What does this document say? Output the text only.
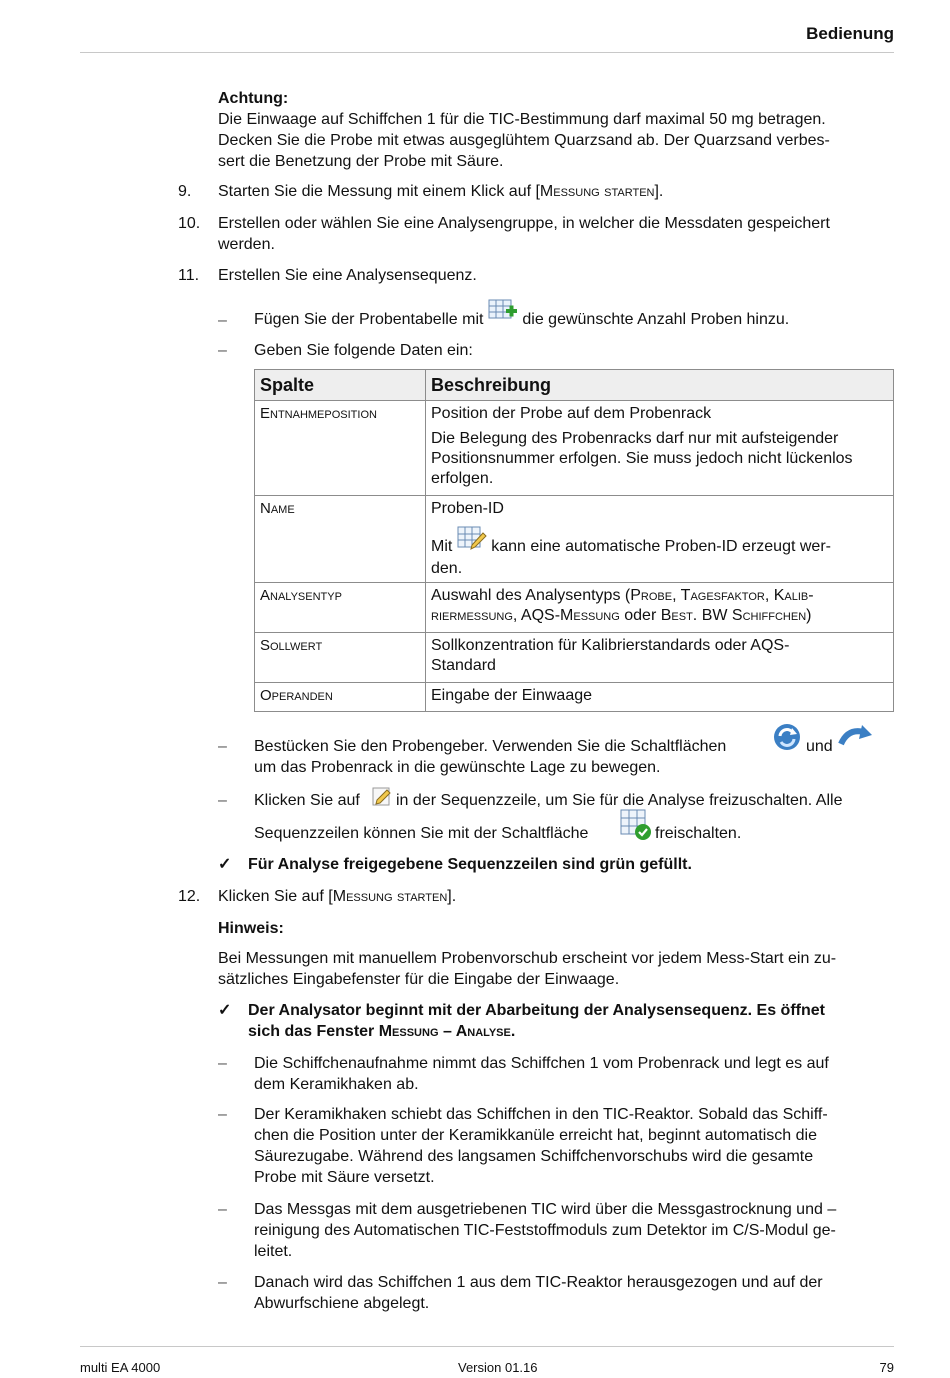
Bedienung
Achtung:
Die Einwaage auf Schiffchen 1 für die TIC-Bestimmung darf maximal 50 mg betragen.
Decken Sie die Probe mit etwas ausgeglühtem Quarzsand ab. Der Quarzsand verbes-
sert die Benetzung der Probe mit Säure.
9. Starten Sie die Messung mit einem Klick auf [Messung starten].
10. Erstellen oder wählen Sie eine Analysengruppe, in welcher die Messdaten gespeichert
werden.
11. Erstellen Sie eine Analysensequenz.
– Fügen Sie der Probentabelle mit die gewünschte Anzahl Proben hinzu.
– Geben Sie folgende Daten ein:
Spalte	Beschreibung
Entnahmeposition	Position der Probe auf dem Probenrack
Die Belegung des Probenracks darf nur mit aufsteigender Positionsnummer erfolgen. Sie muss jedoch nicht lückenlos erfolgen.

Name	Proben-ID
Mit kann eine automatische Proben-ID erzeugt wer-
den.

Analysentyp	Auswahl des Analysentyps (Probe, Tagesfaktor, Kalib-
riermessung, AQS-Messung oder Best. BW Schiffchen)
Sollwert	Sollkonzentration für Kalibrierstandards oder AQS-
Standard

Operanden	Eingabe der Einwaage
– Bestücken Sie den Probengeber. Verwenden Sie die Schaltflächen	und
um das Probenrack in die gewünschte Lage zu bewegen.
– Klicken Sie auf in der Sequenzzeile, um Sie für die Analyse freizuschalten. Alle
Sequenzzeilen können Sie mit der Schaltfläche	freischalten.
✓ Für Analyse freigegebene Sequenzzeilen sind grün gefüllt.
12. Klicken Sie auf [Messung starten].
Hinweis:
Bei Messungen mit manuellem Probenvorschub erscheint vor jedem Mess-Start ein zu-
sätzliches Eingabefenster für die Eingabe der Einwaage.
✓ Der Analysator beginnt mit der Abarbeitung der Analysensequenz. Es öffnet
sich das Fenster Messung – Analyse.
– Die Schiffchenaufnahme nimmt das Schiffchen 1 vom Probenrack und legt es auf
dem Keramikhaken ab.
– Der Keramikhaken schiebt das Schiffchen in den TIC-Reaktor. Sobald das Schiff-
chen die Position unter der Keramikkanüle erreicht hat, beginnt automatisch die
Säurezugabe. Während des langsamen Schiffchenvorschubs wird die gesamte
Probe mit Säure versetzt.
– Das Messgas mit dem ausgetriebenen TIC wird über die Messgastrocknung und –
reinigung des Automatischen TIC-Feststoffmoduls zum Detektor im C/S-Modul ge-
leitet.
– Danach wird das Schiffchen 1 aus dem TIC-Reaktor herausgezogen und auf der
Abwurfschiene abgelegt.
multi EA 4000	Version 01.16	79
